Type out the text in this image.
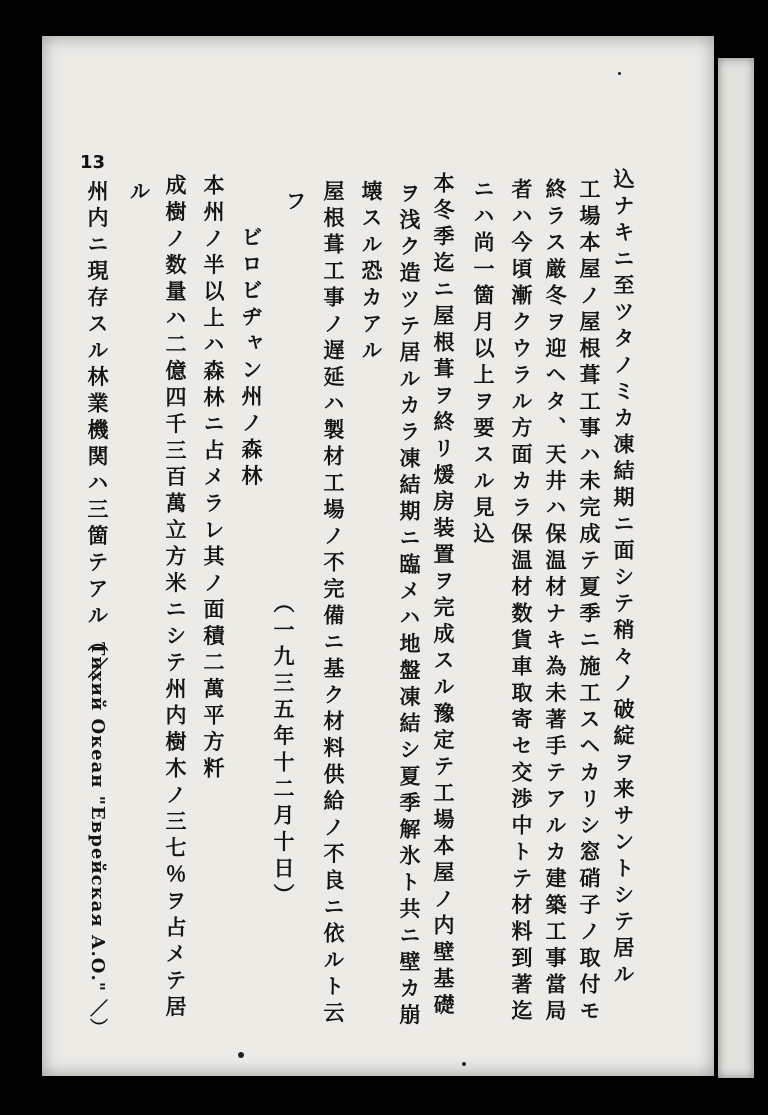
13
込ナキニ至ツタノミカ凍結期ニ面シテ稍々ノ破綻ヲ来サントシテ居ル
工場本屋ノ屋根葺工事ハ未完成テ夏季ニ施工スヘカリシ窓硝子ノ取付モ
終ラス厳冬ヲ迎ヘタ、天井ハ保温材ナキ為未著手テアルカ建築工事當局
者ハ今頃漸クウラル方面カラ保温材数貨車取寄セ交渉中トテ材料到著迄
ニハ尚一箇月以上ヲ要スル見込
本冬季迄ニ屋根葺ヲ終リ煖房装置ヲ完成スル豫定テ工場本屋ノ内壁基礎
ヲ浅ク造ツテ居ルカラ凍結期ニ臨メハ地盤凍結シ夏季解氷ト共ニ壁カ崩
壊スル恐カアル
屋根葺工事ノ遅延ハ製材工場ノ不完備ニ基ク材料供給ノ不良ニ依ルト云
フ
（一九三五年十二月十日）
ビロビヂャン州ノ森林
本州ノ半以上ハ森林ニ占メラレ其ノ面積二萬平方粁
成樹ノ数量ハ二億四千三百萬立方米ニシテ州内樹木ノ三七％ヲ占メテ居
ル
州内ニ現存スル林業機関ハ三箇テアル（／
Тихий Океан "Еврейская А.О." ／）
